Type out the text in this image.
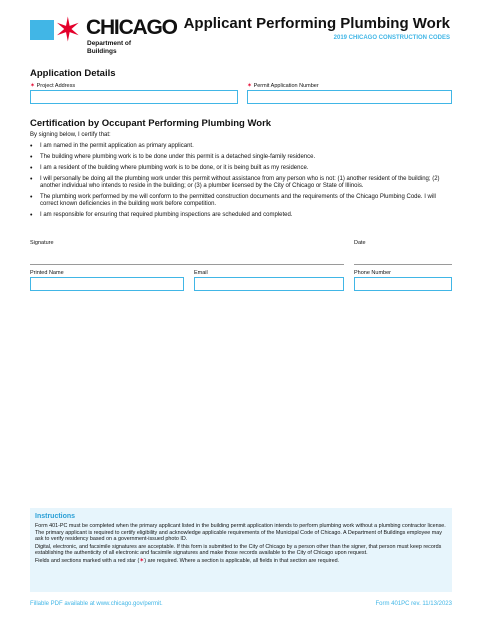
✶ CHICAGO
Department of Buildings
Applicant Performing Plumbing Work
2019 CHICAGO CONSTRUCTION CODES
Application Details
✶ Project Address	✶ Permit Application Number
Certification by Occupant Performing Plumbing Work
By signing below, I certify that:
• I am named in the permit application as primary applicant.
• The building where plumbing work is to be done under this permit is a detached single-family residence.
• I am a resident of the building where plumbing work is to be done, or it is being built as my residence.
• I will personally be doing all the plumbing work under this permit without assistance from any person who is not: (1) another resident of the building; (2) another individual who intends to reside in the building; or (3) a plumber licensed by the City of Chicago or State of Illinois.
• The plumbing work performed by me will conform to the permitted construction documents and the requirements of the Chicago Plumbing Code. I will correct known deficiencies in the building work before competition.
• I am responsible for ensuring that required plumbing inspections are scheduled and completed.
Signature	Date
Printed Name	Email	Phone Number
Instructions

Form 401-PC must be completed when the primary applicant listed in the building permit application intends to perform plumbing work without a plumbing contractor license. The primary applicant is required to certify eligibility and acknowledge applicable requirements of the Municipal Code of Chicago. A Department of Buildings employee may ask to verify residency based on a government-issued photo ID.

Digital, electronic, and facsimile signatures are acceptable. If this form is submitted to the City of Chicago by a person other than the signer, that person must keep records establishing the authenticity of all electronic and facsimile signatures and make those records available to the City of Chicago upon request.

Fields and sections marked with a red star (✶) are required. Where a section is applicable, all fields in that section are required.

Fillable PDF available at www.chicago.gov/permit.	Form 401PC rev. 11/13/2023
